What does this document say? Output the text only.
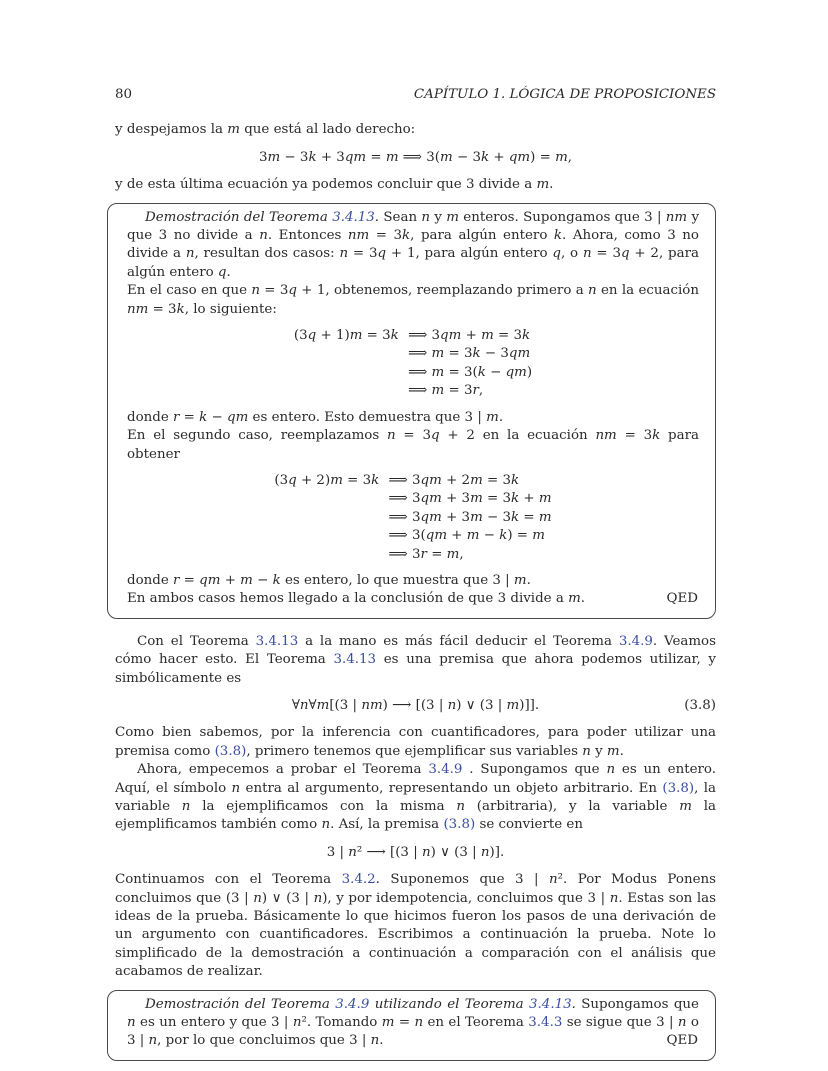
80	CAPÍTULO 1. LÓGICA DE PROPOSICIONES

y despejamos la m que está al lado derecho:

3m − 3k + 3qm = m ⟹ 3(m − 3k + qm) = m,

y de esta última ecuación ya podemos concluir que 3 divide a m.

Demostración del Teorema 3.4.13. Sean n y m enteros. Supongamos que 3 | nm y que 3 no divide a n. Entonces nm = 3k, para algún entero k. Ahora, como 3 no divide a n, resultan dos casos: n = 3q + 1, para algún entero q, o n = 3q + 2, para algún entero q.

En el caso en que n = 3q + 1, obtenemos, reemplazando primero a n en la ecuación nm = 3k, lo siguiente:

(3q + 1)m = 3k	⟹ 3qm + m = 3k
	⟹ m = 3k − 3qm
	⟹ m = 3(k − qm)
	⟹ m = 3r,

donde r = k − qm es entero. Esto demuestra que 3 | m.

En el segundo caso, reemplazamos n = 3q + 2 en la ecuación nm = 3k para obtener

(3q + 2)m = 3k	⟹ 3qm + 2m = 3k
	⟹ 3qm + 3m = 3k + m
	⟹ 3qm + 3m − 3k = m
	⟹ 3(qm + m − k) = m
	⟹ 3r = m,

donde r = qm + m − k es entero, lo que muestra que 3 | m.

En ambos casos hemos llegado a la conclusión de que 3 divide a m.	QED

Con el Teorema 3.4.13 a la mano es más fácil deducir el Teorema 3.4.9. Veamos cómo hacer esto. El Teorema 3.4.13 es una premisa que ahora podemos utilizar, y simbólicamente es

∀n∀m[(3 | nm) ⟶ [(3 | n) ∨ (3 | m)]].	(3.8)

Como bien sabemos, por la inferencia con cuantificadores, para poder utilizar una premisa como (3.8), primero tenemos que ejemplificar sus variables n y m.

Ahora, empecemos a probar el Teorema 3.4.9 . Supongamos que n es un entero. Aquí, el símbolo n entra al argumento, representando un objeto arbitrario. En (3.8), la variable n la ejemplificamos con la misma n (arbitraria), y la variable m la ejemplificamos también como n. Así, la premisa (3.8) se convierte en

3 | n² ⟶ [(3 | n) ∨ (3 | n)].

Continuamos con el Teorema 3.4.2. Suponemos que 3 | n². Por Modus Ponens concluimos que (3 | n) ∨ (3 | n), y por idempotencia, concluimos que 3 | n. Estas son las ideas de la prueba. Básicamente lo que hicimos fueron los pasos de una derivación de un argumento con cuantificadores. Escribimos a continuación la prueba. Note lo simplificado de la demostración a continuación a comparación con el análisis que acabamos de realizar.

Demostración del Teorema 3.4.9 utilizando el Teorema 3.4.13. Supongamos que n es un entero y que 3 | n². Tomando m = n en el Teorema 3.4.3 se sigue que 3 | n o 3 | n, por lo que concluimos que 3 | n.	QED
